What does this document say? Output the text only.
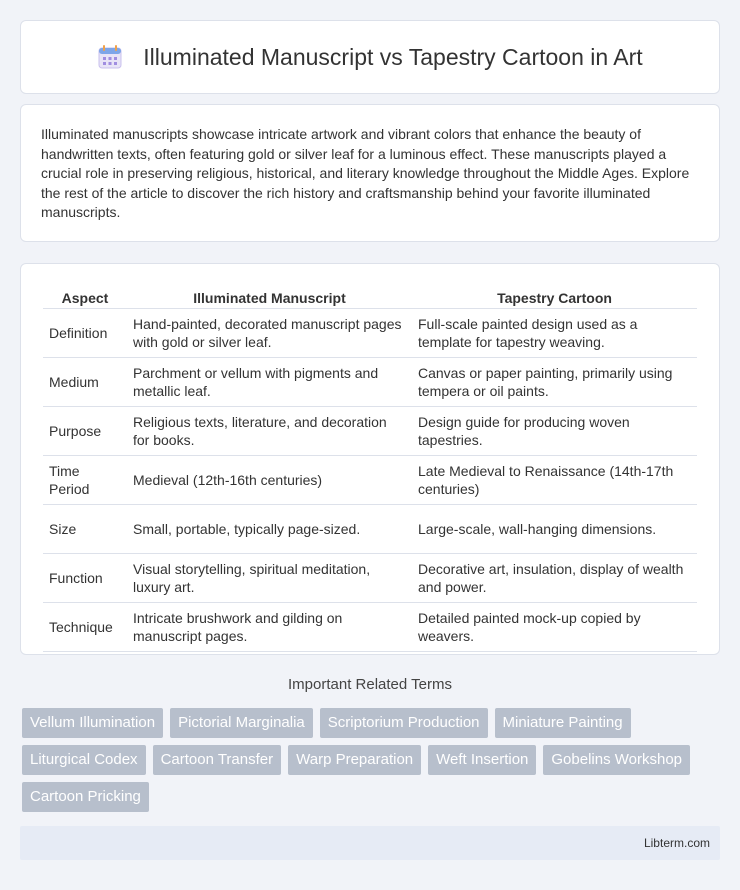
Illuminated Manuscript vs Tapestry Cartoon in Art

Illuminated manuscripts showcase intricate artwork and vibrant colors that enhance the beauty of handwritten texts, often featuring gold or silver leaf for a luminous effect. These manuscripts played a crucial role in preserving religious, historical, and literary knowledge throughout the Middle Ages. Explore the rest of the article to discover the rich history and craftsmanship behind your favorite illuminated manuscripts.

Aspect	Illuminated Manuscript	Tapestry Cartoon
Definition	Hand-painted, decorated manuscript pages with gold or silver leaf.	Full-scale painted design used as a template for tapestry weaving.
Medium	Parchment or vellum with pigments and metallic leaf.	Canvas or paper painting, primarily using tempera or oil paints.
Purpose	Religious texts, literature, and decoration for books.	Design guide for producing woven tapestries.
Time Period	Medieval (12th-16th centuries)	Late Medieval to Renaissance (14th-17th centuries)
Size	Small, portable, typically page-sized.	Large-scale, wall-hanging dimensions.
Function	Visual storytelling, spiritual meditation, luxury art.	Decorative art, insulation, display of wealth and power.
Technique	Intricate brushwork and gilding on manuscript pages.	Detailed painted mock-up copied by weavers.
Important Related Terms
Vellum Illumination	Pictorial Marginalia	Scriptorium Production	Miniature Painting
Liturgical Codex	Cartoon Transfer	Warp Preparation	Weft Insertion	Gobelins Workshop
Cartoon Pricking
Libterm.com
